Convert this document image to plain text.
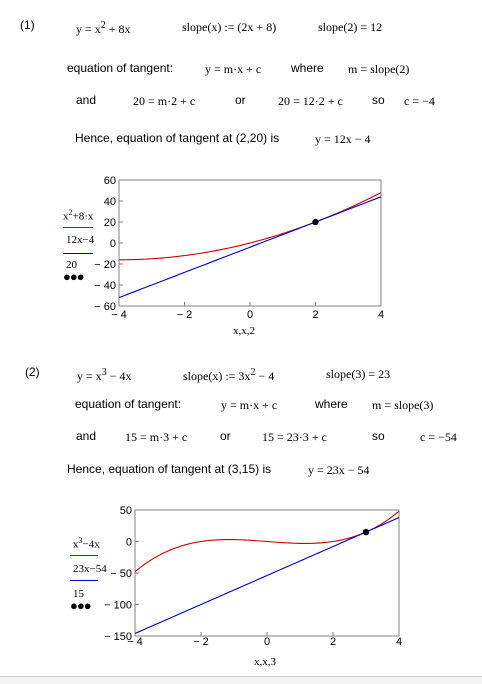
(1)	$y = x^2 + 8x$	slope(x) := (2x + 8)	slope(2) = 12
equation of tangent:	y = m·x + c where m = slope(2)
and	20 = m·2 + c	or	20 = 12·2 + c so c = −4
Hence, equation of tangent at (2,20) is	y = 12x − 4
$x^2+8\cdot x$
12x−4
20
●●●
60
40
20
0
− 20
− 40
− 60
− 4	− 2	0	2	4
x,x,2
(2)	$y = x^3 - 4x$	slope(x) := $3x^2 - 4$	slope(3) = 23
equation of tangent:	y = m·x + c	where m = slope(3)
and 15 = m·3 + c	or	15 = 23·3 + c	so	c = −54
Hence, equation of tangent at (3,15) is	y = 23x − 54
$x^3-4x$
23x−54
15
●●●
50
0
− 50
− 100
− 150
− 4	− 2	0	2	4
x,x,3
